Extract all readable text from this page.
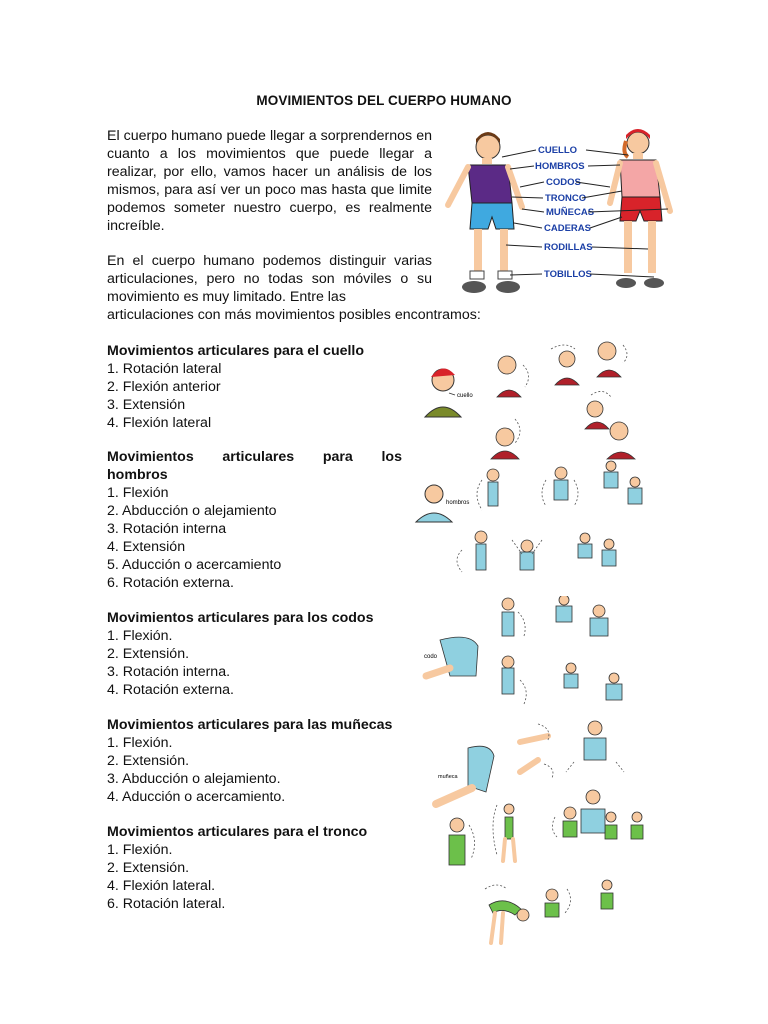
MOVIMIENTOS DEL CUERPO HUMANO

El cuerpo humano puede llegar a sorprendernos en cuanto a los movimientos que puede llegar a realizar, por ello, vamos hacer un análisis de los mismos, para así ver un poco mas hasta que limite podemos someter nuestro cuerpo, es realmente increíble.

En el cuerpo humano podemos distinguir varias articulaciones, pero no todas son móviles o su movimiento es muy limitado. Entre las

articulaciones con más movimientos posibles encontramos:
CUELLO
HOMBROS
CODOS
TRONCO
MUÑECAS
CADERAS
RODILLAS
TOBILLOS
Movimientos articulares para el cuello
1. Rotación lateral
2. Flexión anterior
3. Extensión
4. Flexión lateral
Movimientos articulares para los
hombros
1. Flexión
2. Abducción o alejamiento
3. Rotación interna
4. Extensión
5. Aducción o acercamiento
6. Rotación externa.
Movimientos articulares para los codos
1. Flexión.
2. Extensión.
3. Rotación interna.
4. Rotación externa.
Movimientos articulares para las muñecas
1. Flexión.
2. Extensión.
3. Abducción o alejamiento.
4. Aducción o acercamiento.
Movimientos articulares para el tronco
1. Flexión.
2. Extensión.
4. Flexión lateral.
6. Rotación lateral.
cuello
hombros
codo
muñeca
